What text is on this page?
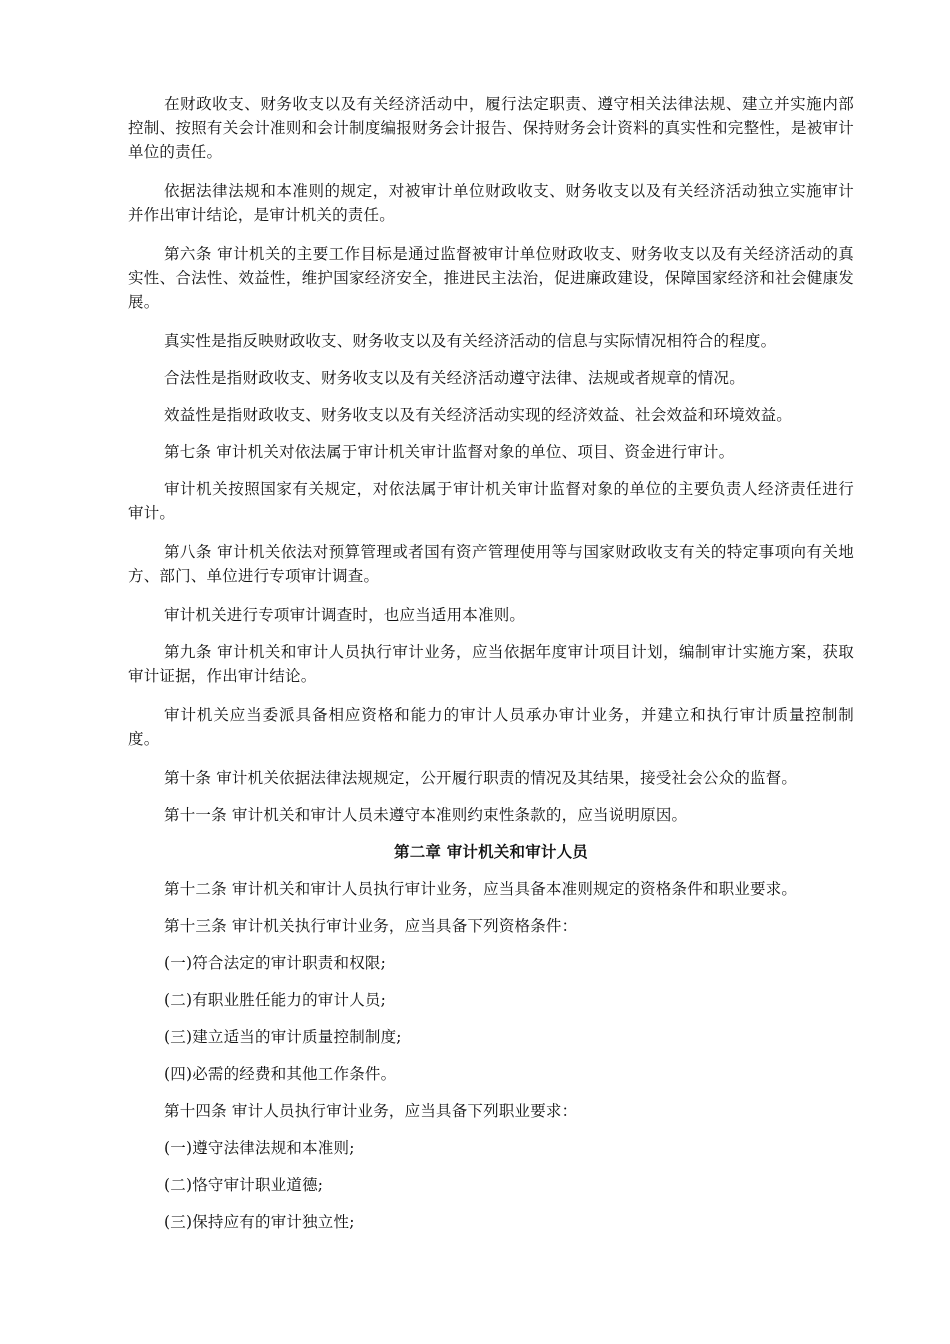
在财政收支、财务收支以及有关经济活动中，履行法定职责、遵守相关法律法规、建立并实施内部控制、按照有关会计准则和会计制度编报财务会计报告、保持财务会计资料的真实性和完整性，是被审计单位的责任。

依据法律法规和本准则的规定，对被审计单位财政收支、财务收支以及有关经济活动独立实施审计并作出审计结论，是审计机关的责任。

第六条 审计机关的主要工作目标是通过监督被审计单位财政收支、财务收支以及有关经济活动的真实性、合法性、效益性，维护国家经济安全，推进民主法治，促进廉政建设，保障国家经济和社会健康发展。

真实性是指反映财政收支、财务收支以及有关经济活动的信息与实际情况相符合的程度。

合法性是指财政收支、财务收支以及有关经济活动遵守法律、法规或者规章的情况。

效益性是指财政收支、财务收支以及有关经济活动实现的经济效益、社会效益和环境效益。

第七条 审计机关对依法属于审计机关审计监督对象的单位、项目、资金进行审计。

审计机关按照国家有关规定，对依法属于审计机关审计监督对象的单位的主要负责人经济责任进行审计。

第八条 审计机关依法对预算管理或者国有资产管理使用等与国家财政收支有关的特定事项向有关地方、部门、单位进行专项审计调查。

审计机关进行专项审计调查时，也应当适用本准则。

第九条 审计机关和审计人员执行审计业务，应当依据年度审计项目计划，编制审计实施方案，获取审计证据，作出审计结论。

审计机关应当委派具备相应资格和能力的审计人员承办审计业务，并建立和执行审计质量控制制度。

第十条 审计机关依据法律法规规定，公开履行职责的情况及其结果，接受社会公众的监督。

第十一条 审计机关和审计人员未遵守本准则约束性条款的，应当说明原因。

第二章 审计机关和审计人员

第十二条 审计机关和审计人员执行审计业务，应当具备本准则规定的资格条件和职业要求。

第十三条 审计机关执行审计业务，应当具备下列资格条件：

(一)符合法定的审计职责和权限;

(二)有职业胜任能力的审计人员;

(三)建立适当的审计质量控制制度;

(四)必需的经费和其他工作条件。

第十四条 审计人员执行审计业务，应当具备下列职业要求：

(一)遵守法律法规和本准则;

(二)恪守审计职业道德;

(三)保持应有的审计独立性;
